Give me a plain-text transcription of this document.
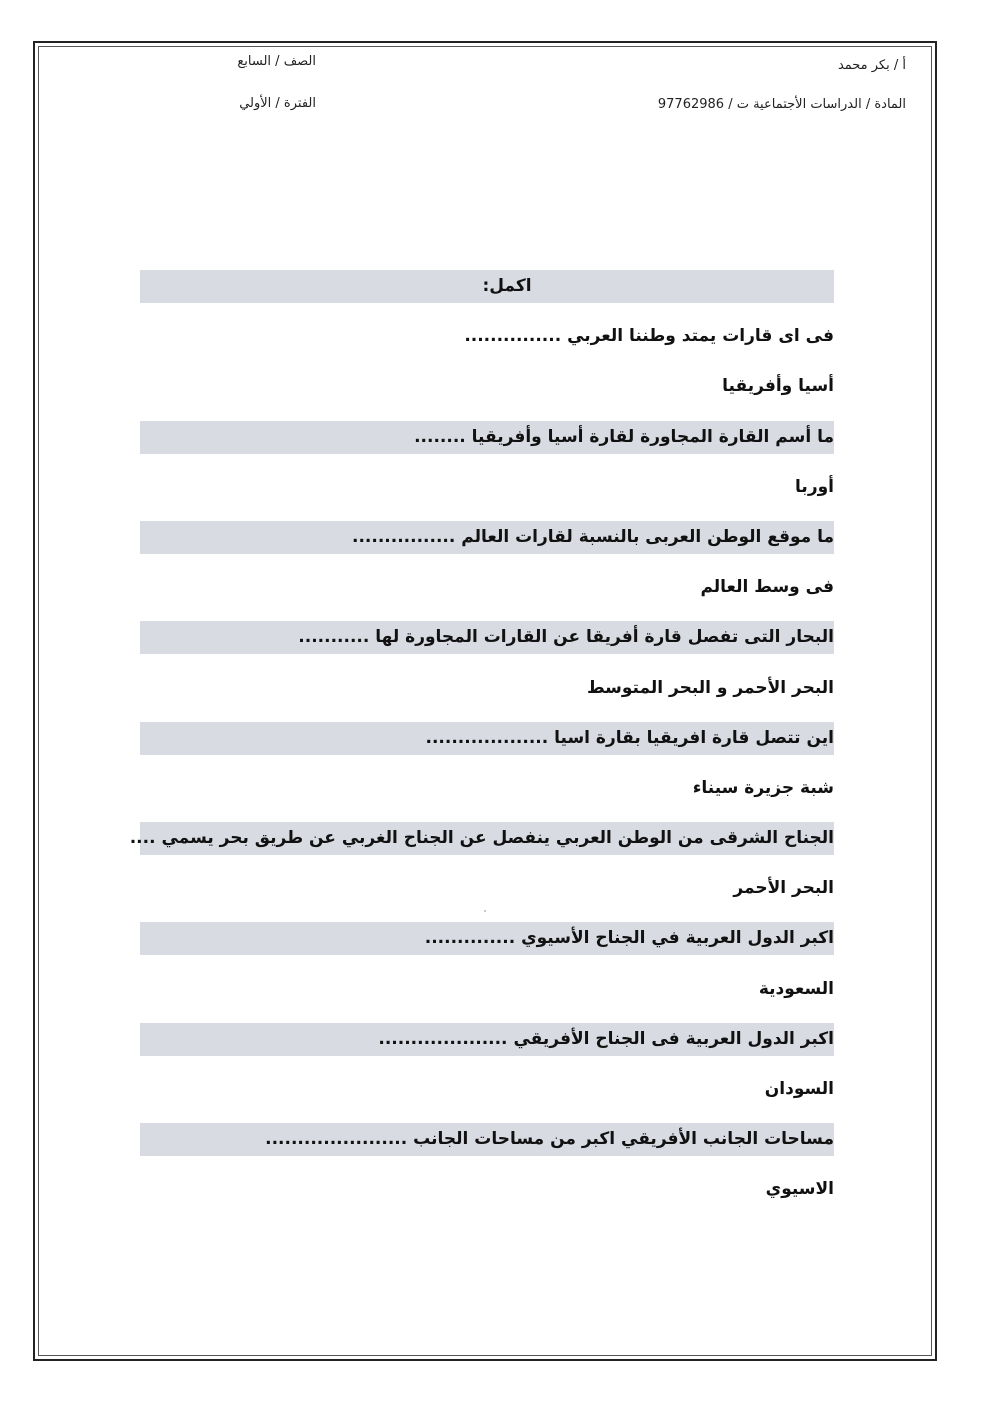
أ / بكر محمد
المادة / الدراسات الأجتماعية ت / 97762986
الصف / السابع
الفترة / الأولي
اكمل:
فى اى قارات يمتد وطننا العربي ...............
أسيا وأفريقيا
ما أسم القارة المجاورة لقارة أسيا وأفريقيا ........
أوربا
ما موقع الوطن العربى بالنسبة لقارات العالم ................
فى وسط العالم
البحار التى تفصل قارة أفريقا عن القارات المجاورة لها ...........
البحر الأحمر و البحر المتوسط
اين تتصل قارة افريقيا بقارة اسيا ...................
شبة جزيرة سيناء
الجناح الشرقى من الوطن العربي ينفصل عن الجناح الغربي عن طريق بحر يسمي ....
البحر الأحمر
اكبر الدول العربية في الجناح الأسيوي ..............
السعودية
اكبر الدول العربية فى الجناح الأفريقي ....................
السودان
مساحات الجانب الأفريقي اكبر من مساحات الجانب ......................
الاسيوي
